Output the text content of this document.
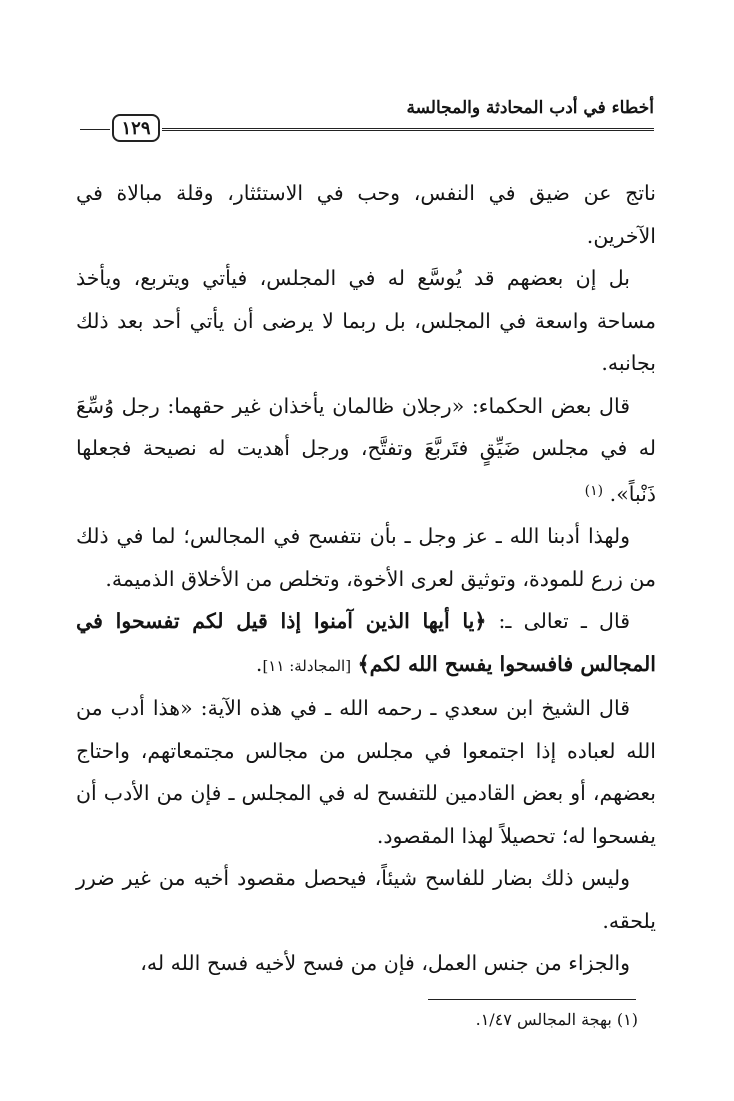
أخطاء في أدب المحادثة والمجالسة
١٢٩

ناتج عن ضيق في النفس، وحب في الاستئثار، وقلة مبالاة في الآخرين.

بل إن بعضهم قد يُوسَّع له في المجلس، فيأتي ويتربع، ويأخذ مساحة واسعة في المجلس، بل ربما لا يرضى أن يأتي أحد بعد ذلك بجانبه.

قال بعض الحكماء: «رجلان ظالمان يأخذان غير حقهما: رجل وُسِّعَ له في مجلس ضَيِّقٍ فتَربَّعَ وتفتَّح، ورجل أهديت له نصيحة فجعلها ذَنْباً». $^{(١)}$

ولهذا أدبنا الله ـ عز وجل ـ بأن نتفسح في المجالس؛ لما في ذلك من زرع للمودة، وتوثيق لعرى الأخوة، وتخلص من الأخلاق الذميمة.

قال ـ تعالى ـ: ﴿يا أيها الذين آمنوا إذا قيل لكم تفسحوا في المجالس فافسحوا يفسح الله لكم﴾ [المجادلة: ١١].

قال الشيخ ابن سعدي ـ رحمه الله ـ في هذه الآية: «هذا أدب من الله لعباده إذا اجتمعوا في مجلس من مجالس مجتمعاتهم، واحتاج بعضهم، أو بعض القادمين للتفسح له في المجلس ـ فإن من الأدب أن يفسحوا له؛ تحصيلاً لهذا المقصود.

وليس ذلك بضار للفاسح شيئاً، فيحصل مقصود أخيه من غير ضرر يلحقه.

والجزاء من جنس العمل، فإن من فسح لأخيه فسح الله له،

(١) بهجة المجالس ١/٤٧.
